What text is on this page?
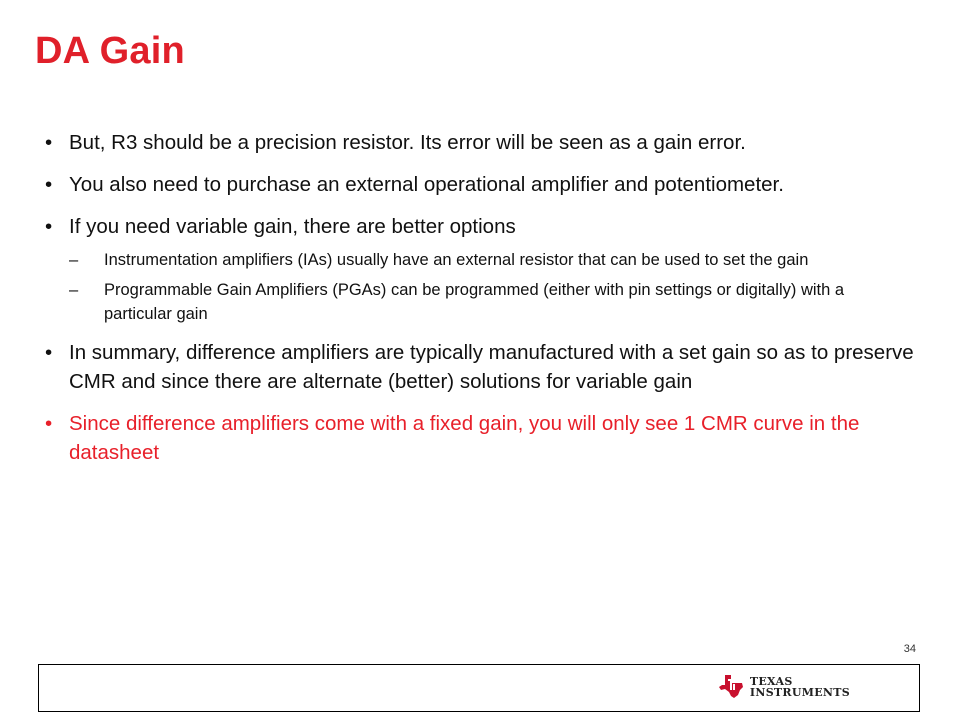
DA Gain
• But, R3 should be a precision resistor. Its error will be seen as a gain error.
• You also need to purchase an external operational amplifier and potentiometer.
• If you need variable gain, there are better options
– Instrumentation amplifiers (IAs) usually have an external resistor that can be used to set the gain
– Programmable Gain Amplifiers (PGAs) can be programmed (either with pin settings or digitally) with a particular gain
• In summary, difference amplifiers are typically manufactured with a set gain so as to preserve CMR and since there are alternate (better) solutions for variable gain
• Since difference amplifiers come with a fixed gain, you will only see 1 CMR curve in the datasheet
34
TEXAS
INSTRUMENTS
